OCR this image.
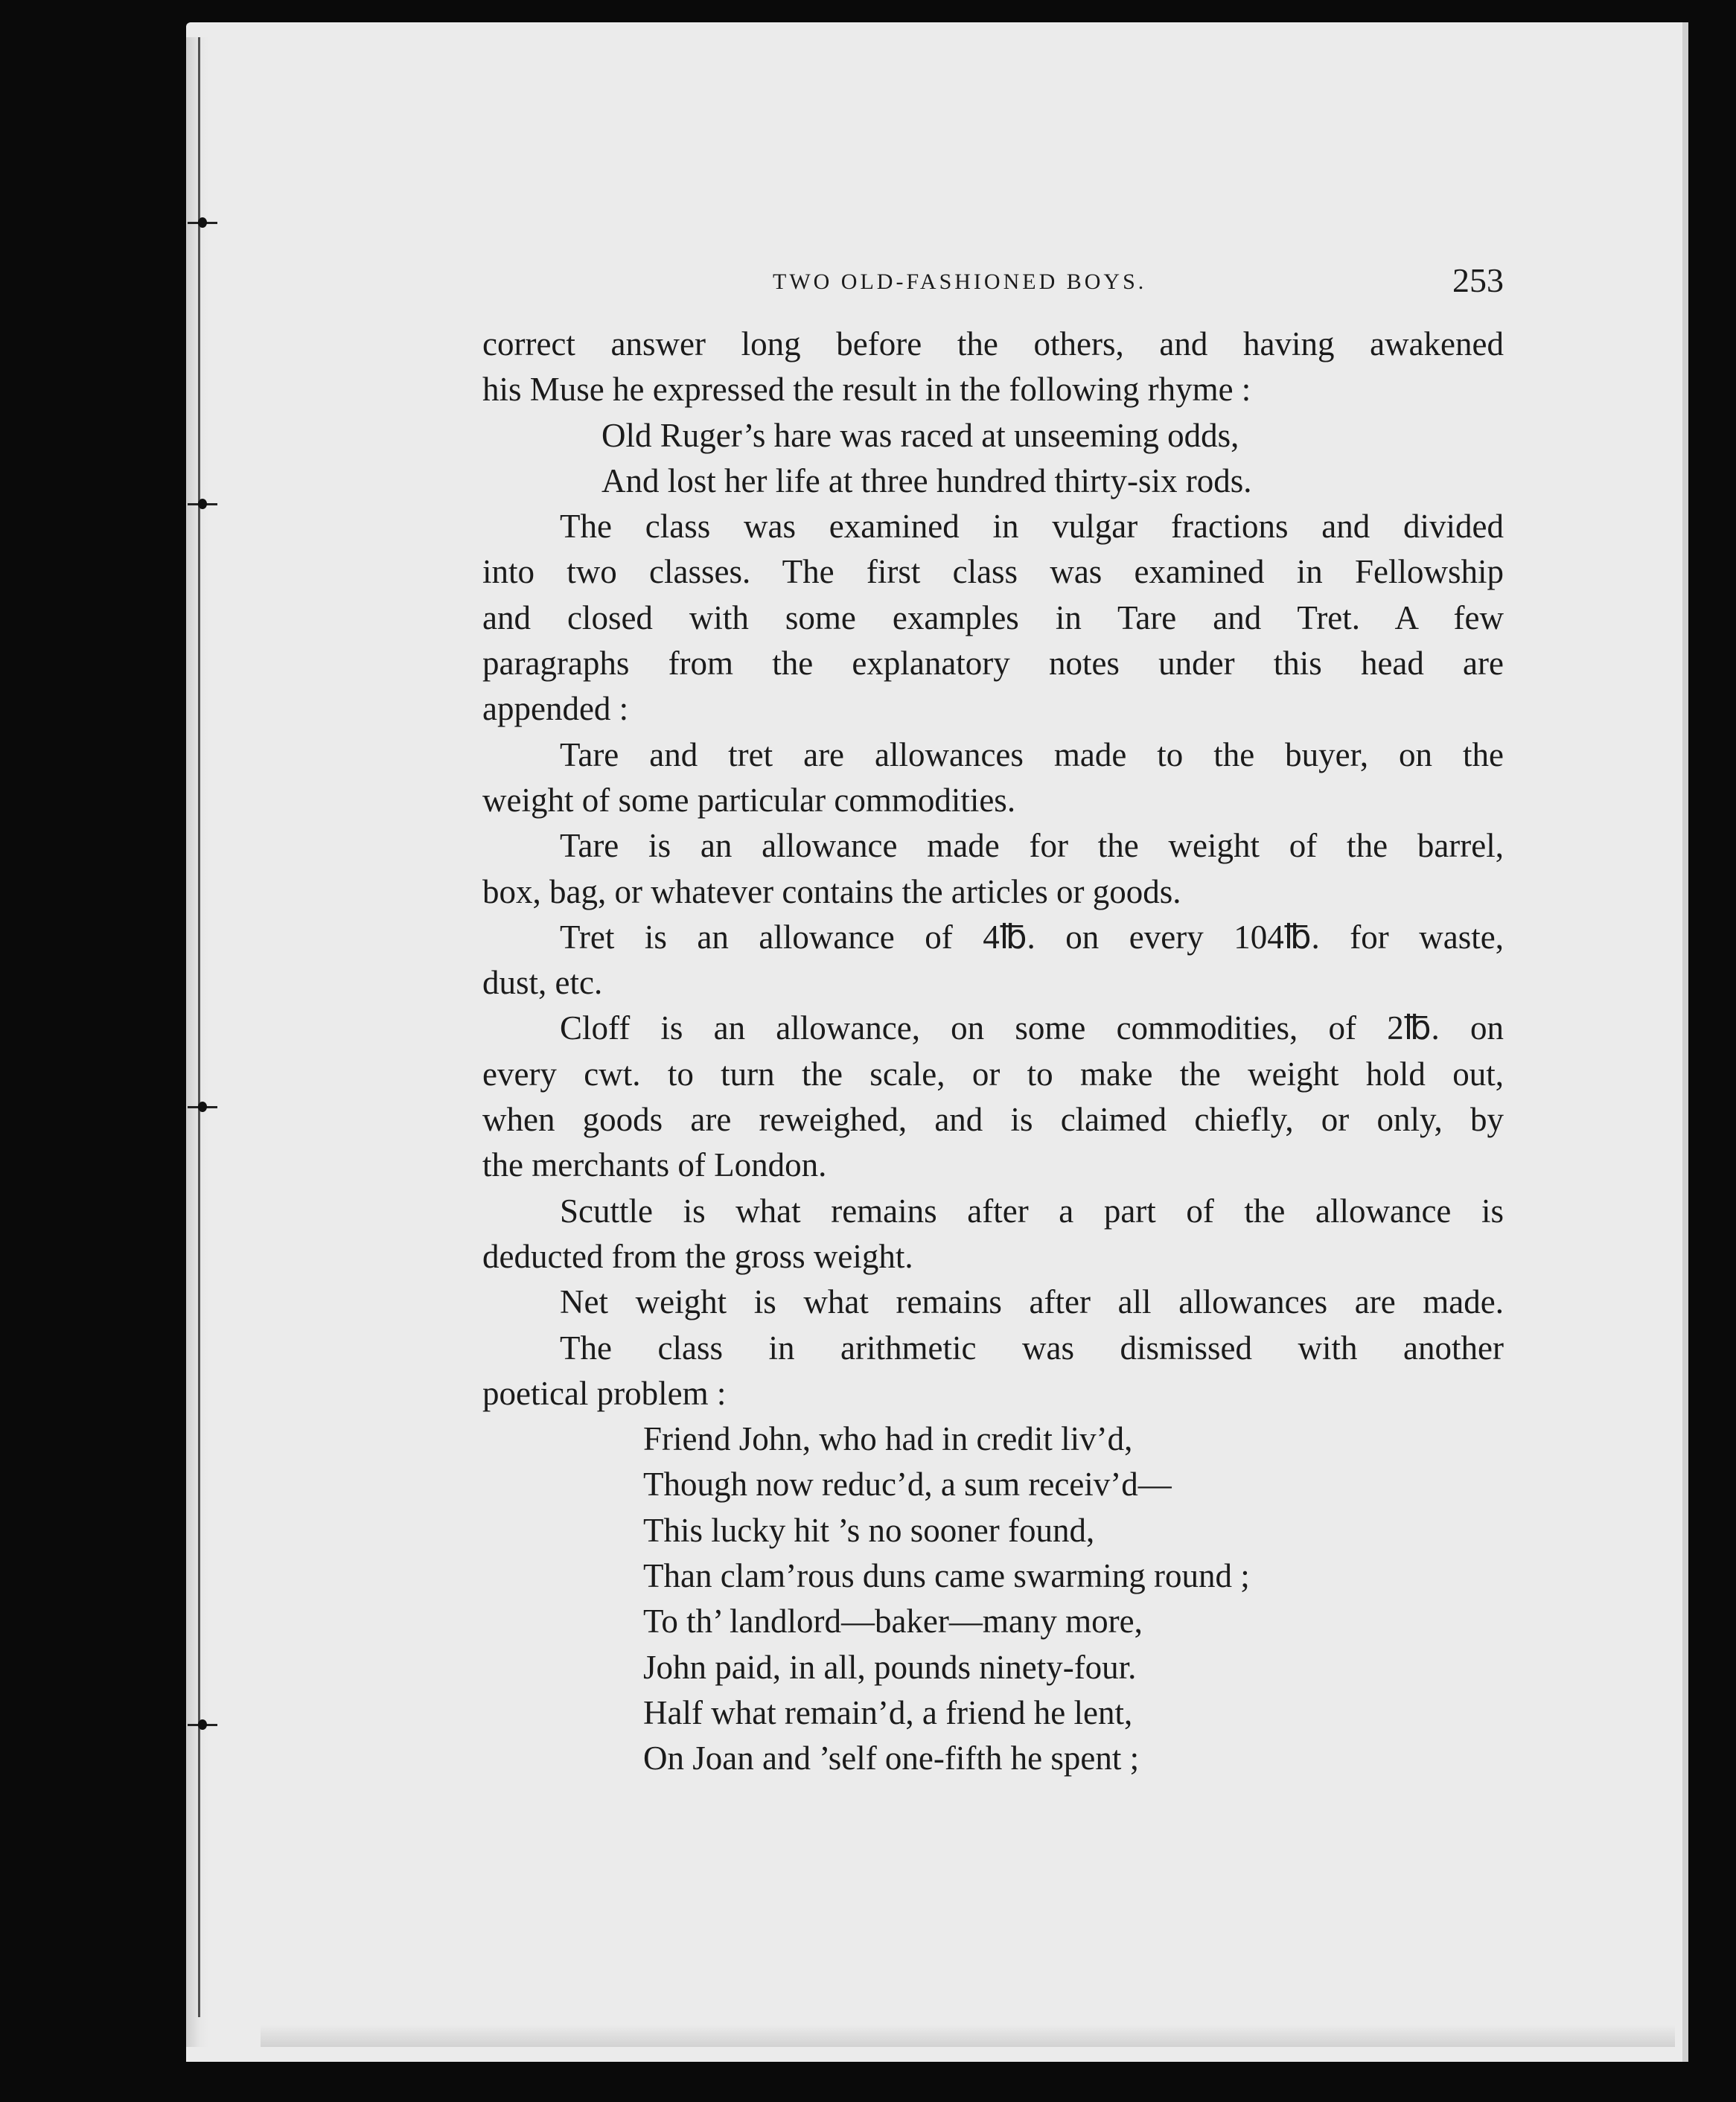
TWO OLD-FASHIONED BOYS.	253
correct answer long before the others, and having awakened
his Muse he expressed the result in the following rhyme :
Old Ruger’s hare was raced at unseeming odds,
And lost her life at three hundred thirty-six rods.
The class was examined in vulgar fractions and divided
into two classes. The first class was examined in Fellowship
and closed with some examples in Tare and Tret. A few
paragraphs from the explanatory notes under this head are
appended :
Tare and tret are allowances made to the buyer, on the
weight of some particular commodities.
Tare is an allowance made for the weight of the barrel,
box, bag, or whatever contains the articles or goods.
Tret is an allowance of 4℔. on every 104℔. for waste,
dust, etc.
Cloff is an allowance, on some commodities, of 2℔. on
every cwt. to turn the scale, or to make the weight hold out,
when goods are reweighed, and is claimed chiefly, or only, by
the merchants of London.
Scuttle is what remains after a part of the allowance is
deducted from the gross weight.
Net weight is what remains after all allowances are made.
The class in arithmetic was dismissed with another
poetical problem :
Friend John, who had in credit liv’d,
Though now reduc’d, a sum receiv’d—
This lucky hit ’s no sooner found,
Than clam’rous duns came swarming round ;
To th’ landlord—baker—many more,
John paid, in all, pounds ninety-four.
Half what remain’d, a friend he lent,
On Joan and ’self one-fifth he spent ;
